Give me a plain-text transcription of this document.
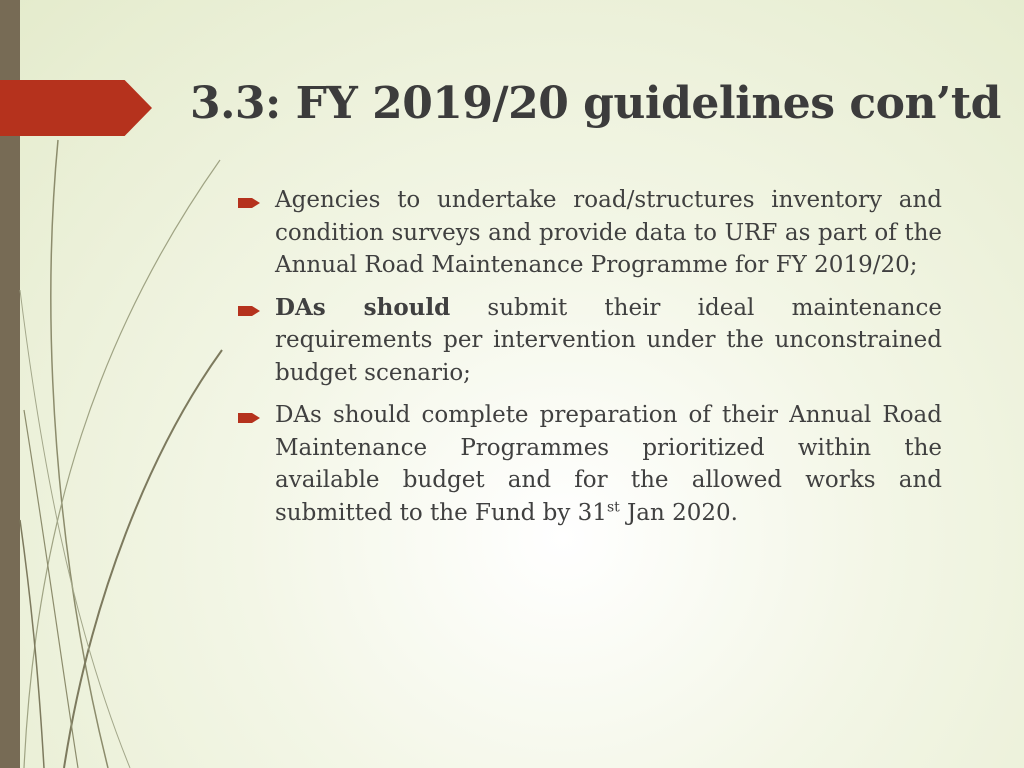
3.3: FY 2019/20 guidelines con’td
Agencies to undertake road/structures inventory and condition surveys and provide data to URF as part of the Annual Road Maintenance Programme for FY 2019/20;
DAs should submit their ideal maintenance requirements per intervention under the unconstrained budget scenario;
DAs should complete preparation of their Annual Road Maintenance Programmes prioritized within the available budget and for the allowed works and submitted to the Fund by 31st Jan 2020.
